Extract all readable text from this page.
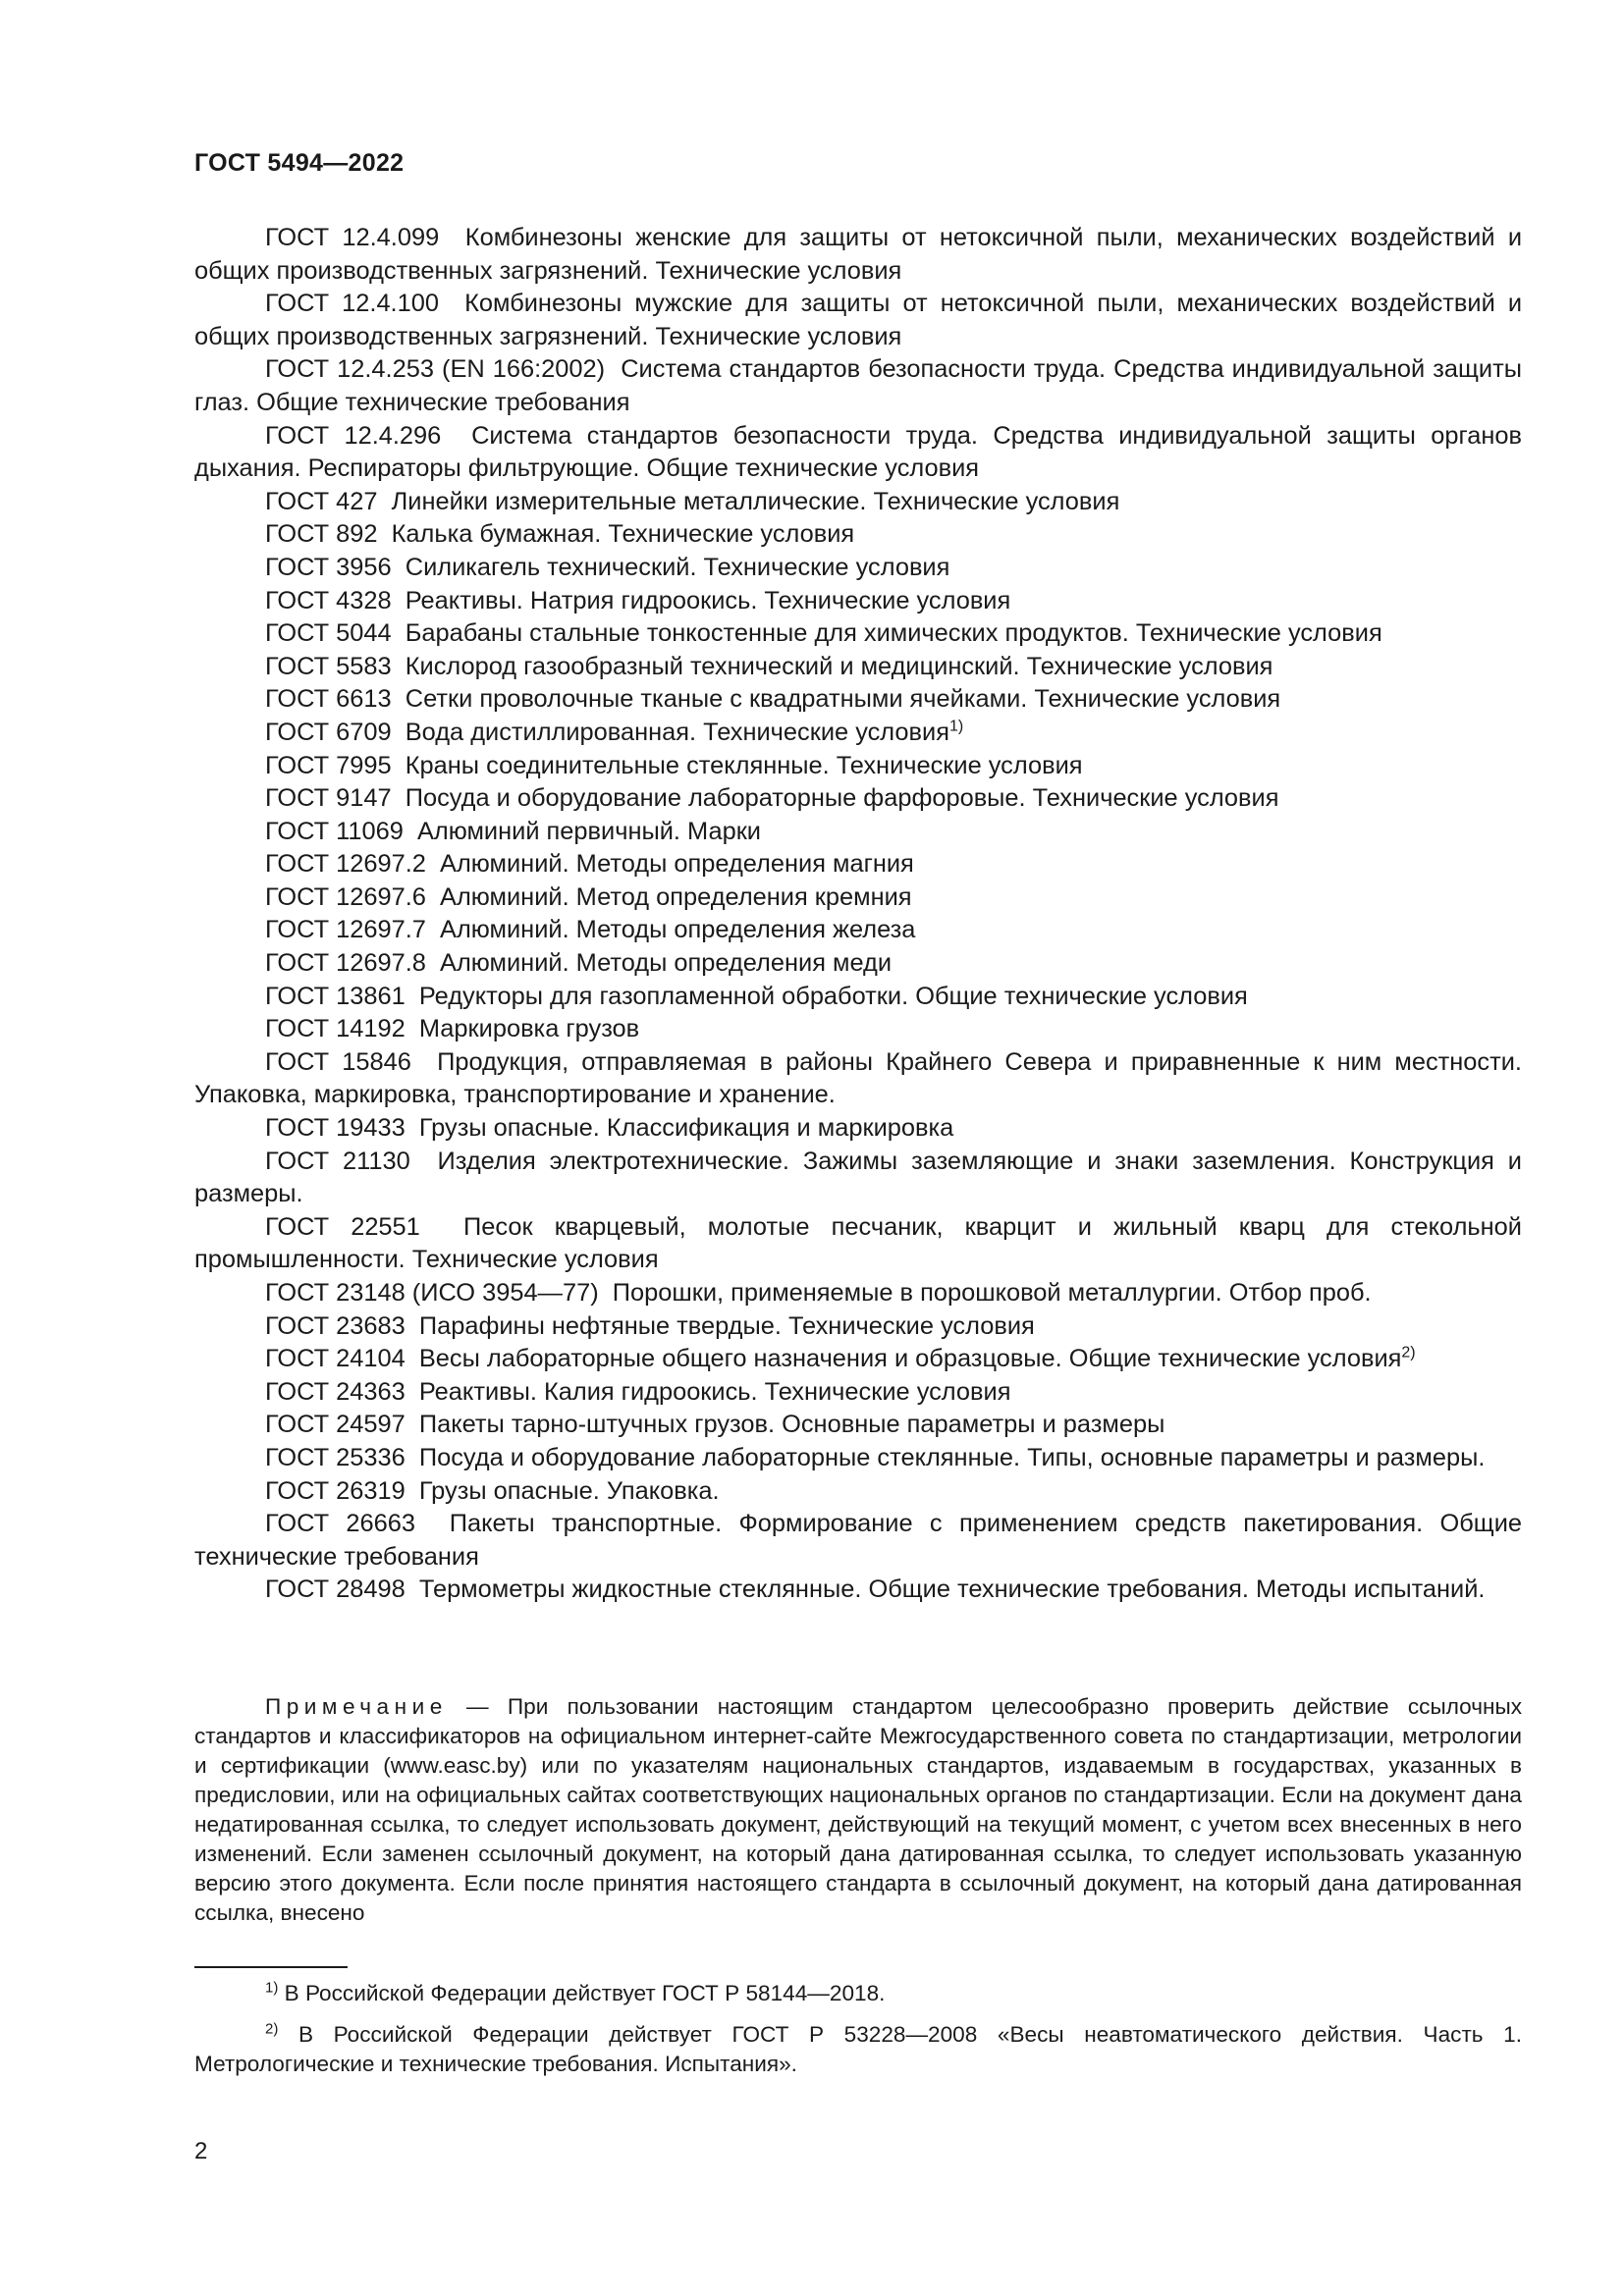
ГОСТ 5494—2022

ГОСТ 12.4.099 Комбинезоны женские для защиты от нетоксичной пыли, механических воздействий и общих производственных загрязнений. Технические условия

ГОСТ 12.4.100 Комбинезоны мужские для защиты от нетоксичной пыли, механических воздействий и общих производственных загрязнений. Технические условия

ГОСТ 12.4.253 (EN 166:2002) Система стандартов безопасности труда. Средства индивидуальной защиты глаз. Общие технические требования

ГОСТ 12.4.296 Система стандартов безопасности труда. Средства индивидуальной защиты органов дыхания. Респираторы фильтрующие. Общие технические условия

ГОСТ 427 Линейки измерительные металлические. Технические условия

ГОСТ 892 Калька бумажная. Технические условия

ГОСТ 3956 Силикагель технический. Технические условия

ГОСТ 4328 Реактивы. Натрия гидроокись. Технические условия

ГОСТ 5044 Барабаны стальные тонкостенные для химических продуктов. Технические условия

ГОСТ 5583 Кислород газообразный технический и медицинский. Технические условия

ГОСТ 6613 Сетки проволочные тканые с квадратными ячейками. Технические условия

ГОСТ 6709 Вода дистиллированная. Технические условия$^{1)}$

ГОСТ 7995 Краны соединительные стеклянные. Технические условия

ГОСТ 9147 Посуда и оборудование лабораторные фарфоровые. Технические условия

ГОСТ 11069 Алюминий первичный. Марки

ГОСТ 12697.2 Алюминий. Методы определения магния

ГОСТ 12697.6 Алюминий. Метод определения кремния

ГОСТ 12697.7 Алюминий. Методы определения железа

ГОСТ 12697.8 Алюминий. Методы определения меди

ГОСТ 13861 Редукторы для газопламенной обработки. Общие технические условия

ГОСТ 14192 Маркировка грузов

ГОСТ 15846 Продукция, отправляемая в районы Крайнего Севера и приравненные к ним местности. Упаковка, маркировка, транспортирование и хранение.

ГОСТ 19433 Грузы опасные. Классификация и маркировка

ГОСТ 21130 Изделия электротехнические. Зажимы заземляющие и знаки заземления. Конструкция и размеры.

ГОСТ 22551 Песок кварцевый, молотые песчаник, кварцит и жильный кварц для стекольной промышленности. Технические условия

ГОСТ 23148 (ИСО 3954—77) Порошки, применяемые в порошковой металлургии. Отбор проб.

ГОСТ 23683 Парафины нефтяные твердые. Технические условия

ГОСТ 24104 Весы лабораторные общего назначения и образцовые. Общие технические условия$^{2)}$

ГОСТ 24363 Реактивы. Калия гидроокись. Технические условия

ГОСТ 24597 Пакеты тарно-штучных грузов. Основные параметры и размеры

ГОСТ 25336 Посуда и оборудование лабораторные стеклянные. Типы, основные параметры и размеры.

ГОСТ 26319 Грузы опасные. Упаковка.

ГОСТ 26663 Пакеты транспортные. Формирование с применением средств пакетирования. Общие технические требования

ГОСТ 28498 Термометры жидкостные стеклянные. Общие технические требования. Методы испытаний.

Примечание — При пользовании настоящим стандартом целесообразно проверить действие ссылочных стандартов и классификаторов на официальном интернет-сайте Межгосударственного совета по стандартизации, метрологии и сертификации (www.easc.by) или по указателям национальных стандартов, издаваемым в государствах, указанных в предисловии, или на официальных сайтах соответствующих национальных органов по стандартизации. Если на документ дана недатированная ссылка, то следует использовать документ, действующий на текущий момент, с учетом всех внесенных в него изменений. Если заменен ссылочный документ, на который дана датированная ссылка, то следует использовать указанную версию этого документа. Если после принятия настоящего стандарта в ссылочный документ, на который дана датированная ссылка, внесено

$^{1)}$ В Российской Федерации действует ГОСТ Р 58144—2018.

$^{2)}$ В Российской Федерации действует ГОСТ Р 53228—2008 «Весы неавтоматического действия. Часть 1. Метрологические и технические требования. Испытания».

2
